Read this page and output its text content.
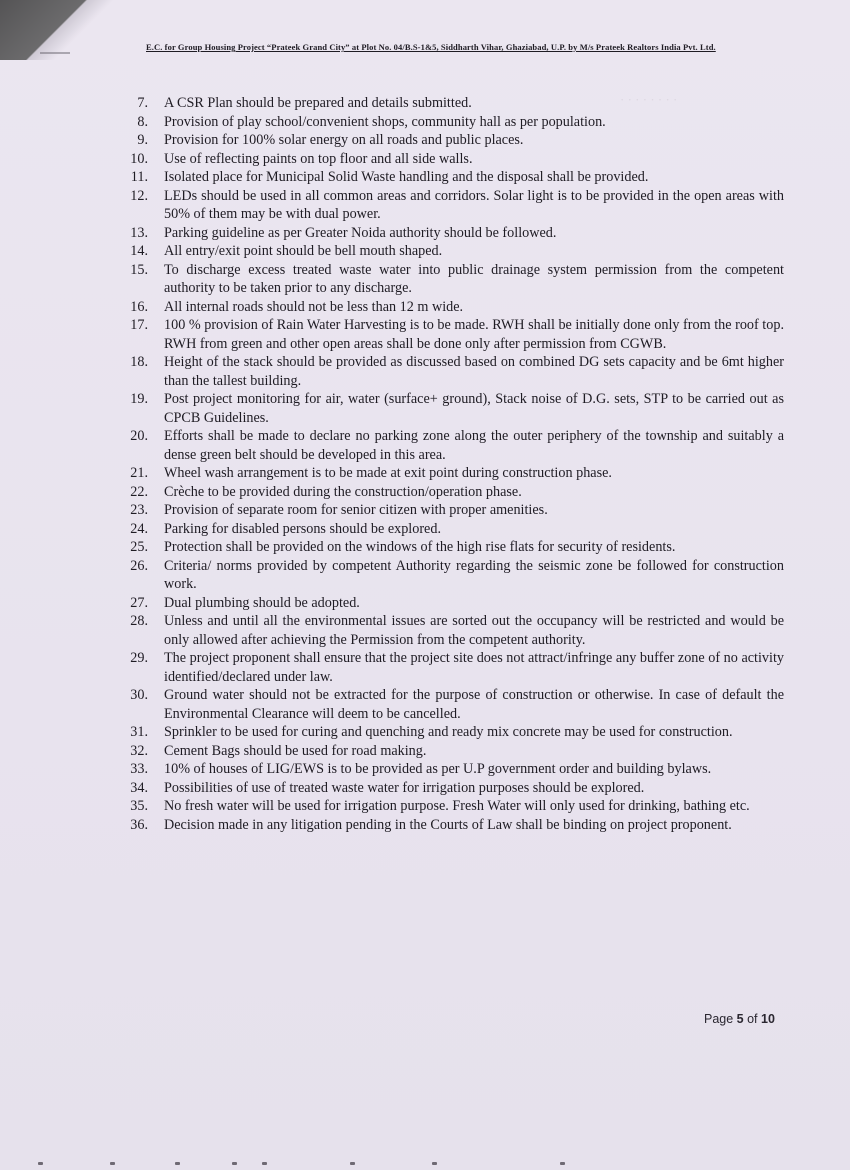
· · · · · · · ·
E.C. for Group Housing Project “Prateek Grand City” at Plot No. 04/B.S-1&5, Siddharth Vihar, Ghaziabad, U.P. by M/s Prateek Realtors India Pvt. Ltd.
7.	A CSR Plan should be prepared and details submitted.
8.	Provision of play school/convenient shops, community hall as per population.
9.	Provision for 100% solar energy on all roads and public places.
10.	Use of reflecting paints on top floor and all side walls.
11.	Isolated place for Municipal Solid Waste handling and the disposal shall be provided.
12.	LEDs should be used in all common areas and corridors. Solar light is to be provided in the open areas with 50% of them may be with dual power.
13.	Parking guideline as per Greater Noida authority should be followed.
14.	All entry/exit point should be bell mouth shaped.
15.	To discharge excess treated waste water into public drainage system permission from the competent authority to be taken prior to any discharge.
16.	All internal roads should not be less than 12 m wide.
17.	100 % provision of Rain Water Harvesting is to be made. RWH shall be initially done only from the roof top. RWH from green and other open areas shall be done only after permission from CGWB.
18.	Height of the stack should be provided as discussed based on combined DG sets capacity and be 6mt higher than the tallest building.
19.	Post project monitoring for air, water (surface+ ground), Stack noise of D.G. sets, STP to be carried out as CPCB Guidelines.
20.	Efforts shall be made to declare no parking zone along the outer periphery of the township and suitably a dense green belt should be developed in this area.
21.	Wheel wash arrangement is to be made at exit point during construction phase.
22.	Crèche to be provided during the construction/operation phase.
23.	Provision of separate room for senior citizen with proper amenities.
24.	Parking for disabled persons should be explored.
25.	Protection shall be provided on the windows of the high rise flats for security of residents.
26.	Criteria/ norms provided by competent Authority regarding the seismic zone be followed for construction work.
27.	Dual plumbing should be adopted.
28.	Unless and until all the environmental issues are sorted out the occupancy will be restricted and would be only allowed after achieving the Permission from the competent authority.
29.	The project proponent shall ensure that the project site does not attract/infringe any buffer zone of no activity identified/declared under law.
30.	Ground water should not be extracted for the purpose of construction or otherwise. In case of default the Environmental Clearance will deem to be cancelled.
31.	Sprinkler to be used for curing and quenching and ready mix concrete may be used for construction.
32.	Cement Bags should be used for road making.
33.	10% of houses of LIG/EWS is to be provided as per U.P government order and building bylaws.
34.	Possibilities of use of treated waste water for irrigation purposes should be explored.
35.	No fresh water will be used for irrigation purpose. Fresh Water will only used for drinking, bathing etc.
36.	Decision made in any litigation pending in the Courts of Law shall be binding on project proponent.
Page 5 of 10
